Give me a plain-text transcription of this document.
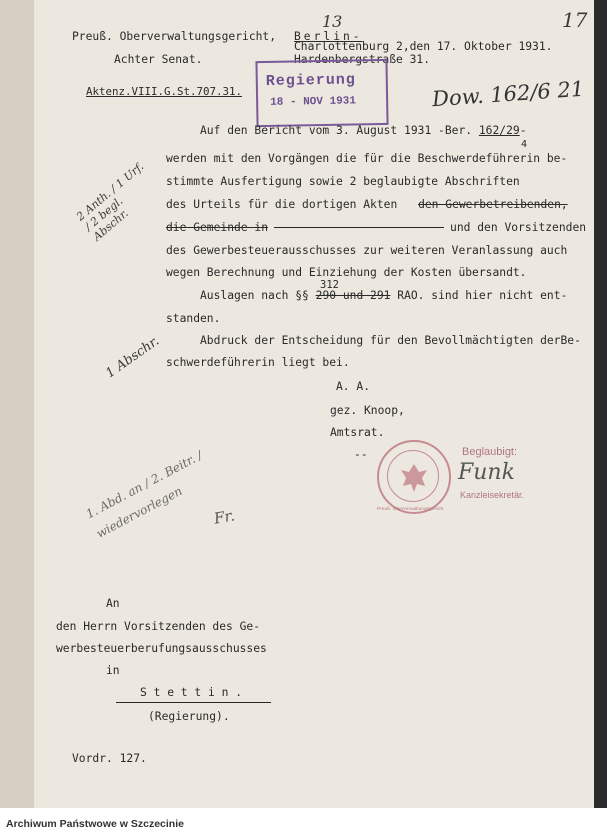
17
13
Preuß. Oberverwaltungsgericht, Berlin-
Charlottenburg 2,den 17. Oktober 1931.
Achter Senat.	Hardenbergstraße 31.
Aktenz.VIII.G.St.707.31.
Regierung
18 - NOV 1931	Dow. 162/6 21
Auf den Bericht vom 3. August 1931 -Ber. 162/29-
4
werden mit den Vorgängen die für die Beschwerdeführerin be-
stimmte Ausfertigung sowie 2 beglaubigte Abschriften
des Urteils für die dortigen Akten den Gewerbetreibenden,
die Gemeinde in	und den Vorsitzenden
des Gewerbesteuerausschusses zur weiteren Veranlassung auch
wegen Berechnung und Einziehung der Kosten übersandt.
312
Auslagen nach §§ 290 und 291 RAO. sind hier nicht ent-
standen.
Abdruck der Entscheidung für den Bevollmächtigten derBe-
schwerdeführerin liegt bei.
2 Anth. / 1 Urf. / 2 begl. Abschr.
1 Abschr.
A. A.
gez. Knoop,
Amtsrat.
--
Preuß. Oberverwaltungsgericht
Beglaubigt:
Funk
Kanzleisekretär.
1. Abd. an / 2. Beitr. / wiedervorlegen	Fr.
An
den Herrn Vorsitzenden des Ge-
werbesteuerberufungsausschusses
in
S t e t t i n .
(Regierung).
Vordr. 127.
Archiwum Państwowe w Szczecinie
